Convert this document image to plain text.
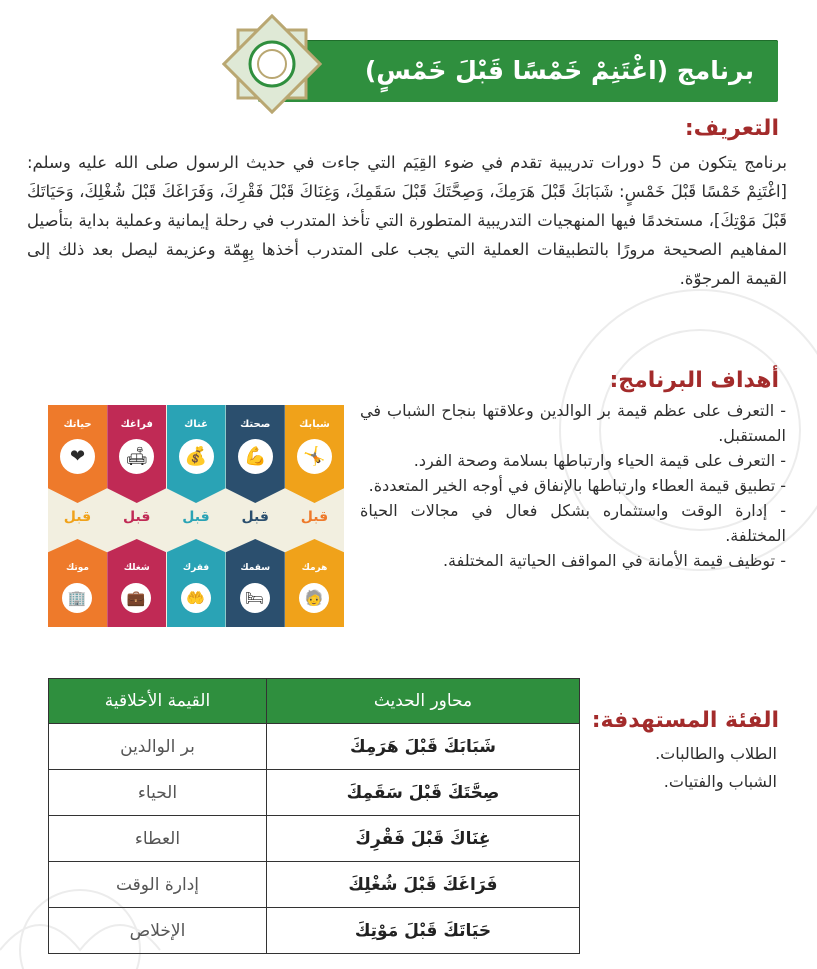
برنامج (اغْتَنِمْ خَمْسًا قَبْلَ خَمْسٍ)
التعريف:
برنامج يتكون من 5 دورات تدريبية تقدم في ضوء القِيَم التي جاءت في حديث الرسول صلى الله عليه وسلم: [اغْتَنِمْ خَمْسًا قَبْلَ خَمْسٍ: شَبَابَكَ قَبْلَ هَرَمِكَ، وَصِحَّتَكَ قَبْلَ سَقَمِكَ، وَغِنَاكَ قَبْلَ فَقْرِكَ، وَفَرَاغَكَ قَبْلَ شُغْلِكَ، وَحَيَاتَكَ قَبْلَ مَوْتِكَ]، مستخدمًا فيها المنهجيات التدريبية المتطورة التي تأخذ المتدرب في رحلة إيمانية وعملية بداية بتأصيل المفاهيم الصحيحة مرورًا بالتطبيقات العملية التي يجب على المتدرب أخذها بِهِمّة وعزيمة ليصل بعد ذلك إلى القيمة المرجوّة.
أهداف البرنامج:
- التعرف على عظم قيمة بر الوالدين وعلاقتها بنجاح الشباب في المستقبل.
- التعرف على قيمة الحياء وارتباطها بسلامة وصحة الفرد.
- تطبيق قيمة العطاء وارتباطها بالإنفاق في أوجه الخير المتعددة.
- إدارة الوقت واستثماره بشكل فعال في مجالات الحياة المختلفة.
- توظيف قيمة الأمانة في المواقف الحياتية المختلفة.
شبابك
🤸
قبل
هرمك
🧓
صحتك
💪
قبل
سقمك
🛏
غناك
💰
قبل
فقرك
🤲
فراغك
🛋
قبل
شغلك
💼
حياتك
❤
قبل
موتك
🏢
الفئة المستهدفة:
الطلاب والطالبات.
الشباب والفتيات.
محاور الحديث	القيمة الأخلاقية
شَبَابَكَ قَبْلَ هَرَمِكَ	بر الوالدين
صِحَّتَكَ قَبْلَ سَقَمِكَ	الحياء
غِنَاكَ قَبْلَ فَقْرِكَ	العطاء
فَرَاغَكَ قَبْلَ شُغْلِكَ	إدارة الوقت
حَيَاتَكَ قَبْلَ مَوْتِكَ	الإخلاص
